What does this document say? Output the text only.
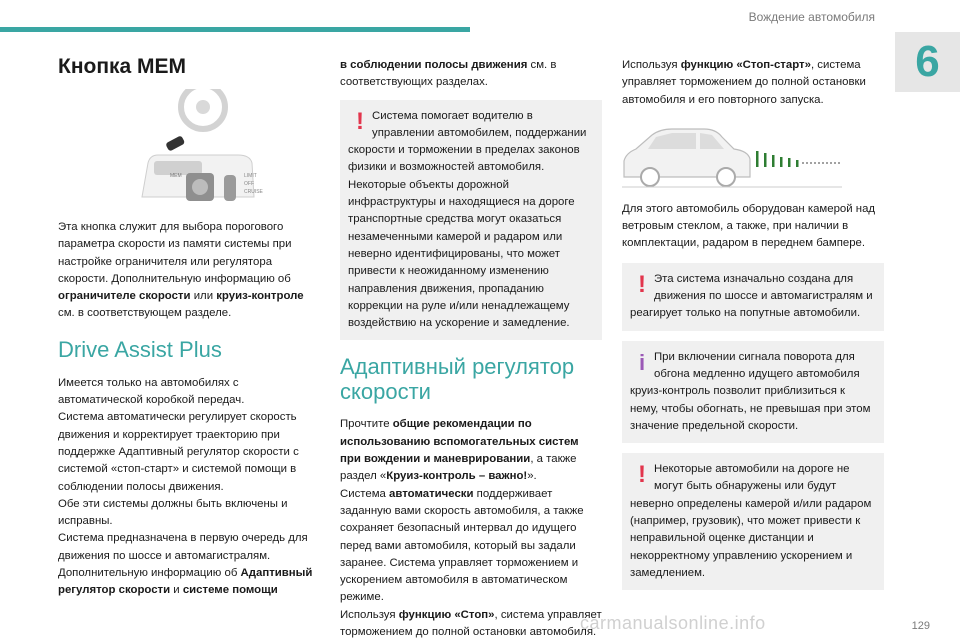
Вождение автомобиля
6
Кнопка MEM
MEM	LIMIT
OFF
CRUISE

Эта кнопка служит для выбора порогового параметра скорости из памяти системы при настройке ограничителя или регулятора скорости. Дополнительную информацию об ограничителе скорости или круиз-контроле см. в соответствующем разделе.

Drive Assist Plus

Имеется только на автомобилях с автоматической коробкой передач.

Система автоматически регулирует скорость движения и корректирует траекторию при поддержке Адаптивный регулятор скорости с системой «стоп-старт» и системой помощи в соблюдении полосы движения.

Обе эти системы должны быть включены и исправны.

Система предназначена в первую очередь для движения по шоссе и автомагистралям.

Дополнительную информацию об Адаптивный регулятор скорости и системе помощи

в соблюдении полосы движения см. в соответствующих разделах.

! Система помогает водителю в управлении автомобилем, поддержании скорости и торможении в пределах законов физики и возможностей автомобиля. Некоторые объекты дорожной инфраструктуры и находящиеся на дороге транспортные средства могут оказаться незамеченными камерой и радаром или неверно идентифицированы, что может привести к неожиданному изменению направления движения, пропаданию коррекции на руле и/или ненадлежащему воздействию на ускорение и замедление.

Адаптивный регулятор скорости

Прочтите общие рекомендации по использованию вспомогательных систем при вождении и маневрировании, а также раздел «Круиз-контроль – важно!».

Система автоматически поддерживает заданную вами скорость автомобиля, а также сохраняет безопасный интервал до идущего перед вами автомобиля, который вы задали заранее. Система управляет торможением и ускорением автомобиля в автоматическом режиме.

Используя функцию «Стоп», система управляет торможением до полной остановки автомобиля.

Используя функцию «Стоп-старт», система управляет торможением до полной остановки автомобиля и его повторного запуска.

Для этого автомобиль оборудован камерой над ветровым стеклом, а также, при наличии в комплектации, радаром в переднем бампере.

! Эта система изначально создана для движения по шоссе и автомагистралям и реагирует только на попутные автомобили.

i При включении сигнала поворота для обгона медленно идущего автомобиля круиз-контроль позволит приблизиться к нему, чтобы обогнать, не превышая при этом значение предельной скорости.

! Некоторые автомобили на дороге не могут быть обнаружены или будут неверно определены камерой и/или радаром (например, грузовик), что может привести к неправильной оценке дистанции и некорректному управлению ускорением и замедлением.

carmanualsonline.info	129
